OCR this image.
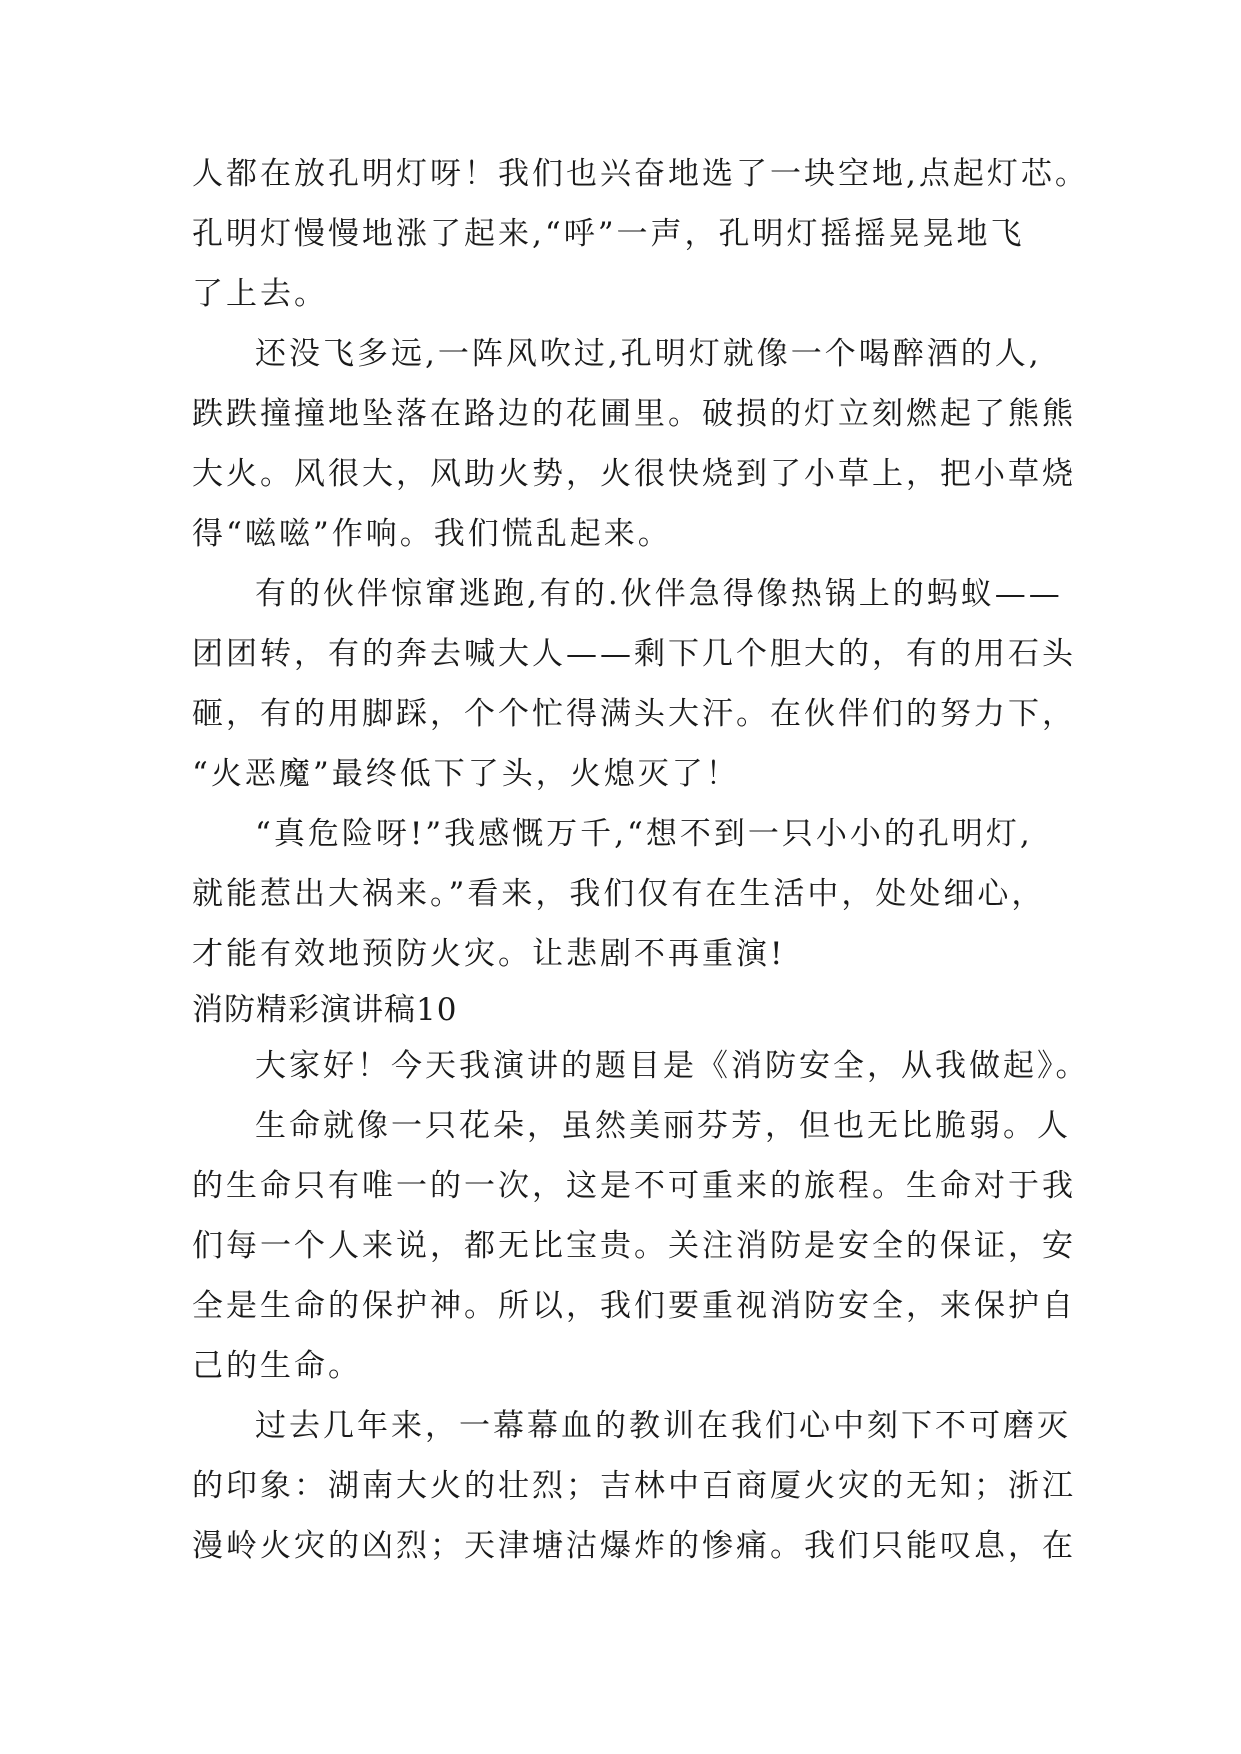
人都在放孔明灯呀！我们也兴奋地选了一块空地,点起灯芯。
孔明灯慢慢地涨了起来,“呼”一声，孔明灯摇摇晃晃地飞
了上去。
还没飞多远,一阵风吹过,孔明灯就像一个喝醉酒的人,
跌跌撞撞地坠落在路边的花圃里。破损的灯立刻燃起了熊熊
大火。风很大，风助火势，火很快烧到了小草上，把小草烧
得“嗞嗞”作响。我们慌乱起来。
有的伙伴惊窜逃跑,有的.伙伴急得像热锅上的蚂蚁——
团团转，有的奔去喊大人——剩下几个胆大的，有的用石头
砸，有的用脚踩，个个忙得满头大汗。在伙伴们的努力下，
“火恶魔”最终低下了头，火熄灭了！
“真危险呀!”我感慨万千,“想不到一只小小的孔明灯,
就能惹出大祸来。”看来，我们仅有在生活中，处处细心，
才能有效地预防火灾。让悲剧不再重演!
消防精彩演讲稿10
大家好！今天我演讲的题目是《消防安全，从我做起》。
生命就像一只花朵，虽然美丽芬芳，但也无比脆弱。人
的生命只有唯一的一次，这是不可重来的旅程。生命对于我
们每一个人来说，都无比宝贵。关注消防是安全的保证，安
全是生命的保护神。所以，我们要重视消防安全，来保护自
己的生命。
过去几年来，一幕幕血的教训在我们心中刻下不可磨灭
的印象：湖南大火的壮烈；吉林中百商厦火灾的无知；浙江
漫岭火灾的凶烈；天津塘沽爆炸的惨痛。我们只能叹息，在
